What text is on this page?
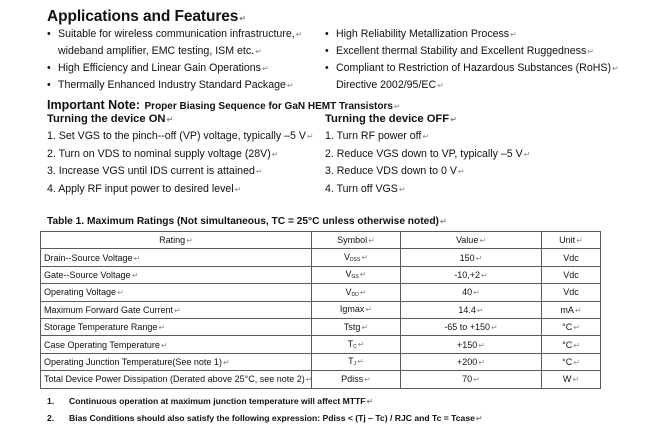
Applications and Features↵
• Suitable for wireless communication infrastructure,↵
wideband amplifier, EMC testing, ISM etc.↵
• High Efficiency and Linear Gain Operations↵
• Thermally Enhanced Industry Standard Package↵
• High Reliability Metallization Process↵
• Excellent thermal Stability and Excellent Ruggedness↵
• Compliant to Restriction of Hazardous Substances (RoHS)↵
Directive 2002/95/EC↵
Important Note: Proper Biasing Sequence for GaN HEMT Transistors↵
Turning the device ON↵	Turning the device OFF↵
1. Set VGS to the pinch--off (VP) voltage, typically –5 V↵
2. Turn on VDS to nominal supply voltage (28V)↵
3. Increase VGS until IDS current is attained↵
4. Apply RF input power to desired level↵
1. Turn RF power off↵
2. Reduce VGS down to VP, typically –5 V↵
3. Reduce VDS down to 0 V↵
4. Turn off VGS↵
Table 1. Maximum Ratings (Not simultaneous, TC = 25°C unless otherwise noted)↵
Rating↵	Symbol↵	Value↵	Unit↵
Drain--Source Voltage↵	$V_{DSS}↵$	150↵	Vdc
Gate--Source Voltage↵	$V_{GS}↵$	-10,+2↵	Vdc
Operating Voltage↵	$V_{DD}↵$	40↵	Vdc
Maximum Forward Gate Current↵	Igmax↵	14.4↵	mA↵
Storage Temperature Range↵	Tstg↵	-65 to +150↵	°C↵
Case Operating Temperature↵	$T_C↵$	+150↵	°C↵
Operating Junction Temperature(See note 1)↵	$T_J↵$	+200↵	°C↵
Total Device Power Dissipation (Derated above 25°C, see note 2)↵	Pdiss↵	70↵	W↵
1. Continuous operation at maximum junction temperature will affect MTTF↵
2. Bias Conditions should also satisfy the following expression: Pdiss < (Tj – Tc) / RJC and Tc = Tcase↵
